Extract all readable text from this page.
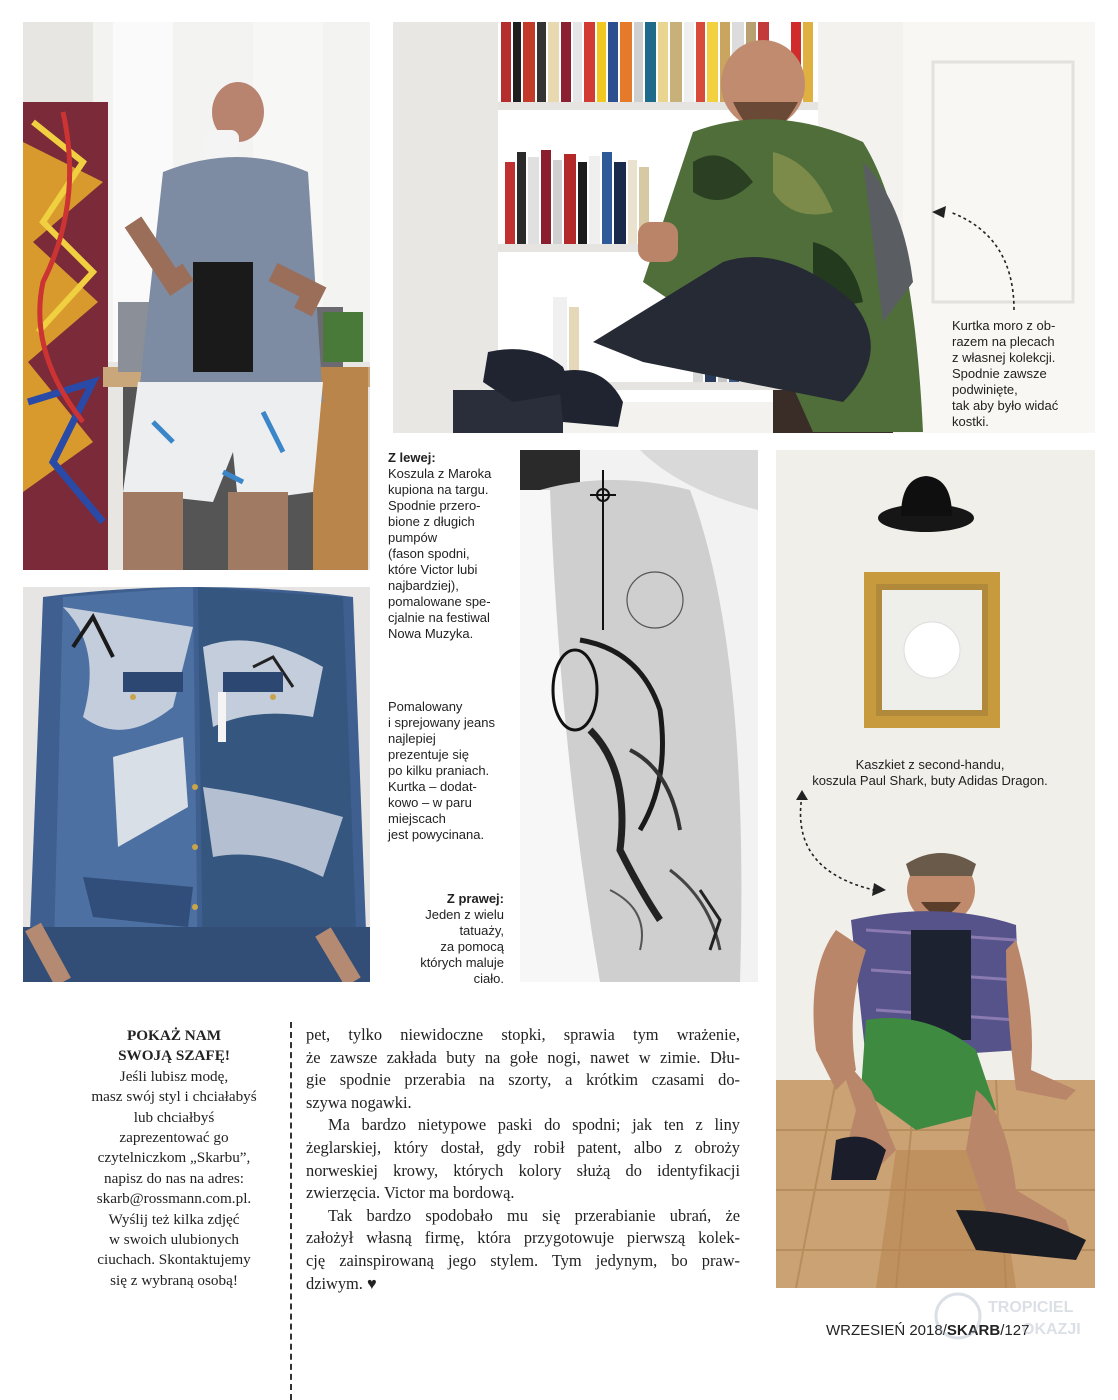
Kurtka moro z ob-
razem na plecach
z własnej kolekcji.
Spodnie zawsze
podwinięte,
tak aby było widać
kostki.
Z lewej:
Koszula z Maroka
kupiona na targu.
Spodnie przero-
bione z długich
pumpów
(fason spodni,
które Victor lubi
najbardziej),
pomalowane spe-
cjalnie na festiwal
Nowa Muzyka.
Pomalowany
i sprejowany jeans
najlepiej
prezentuje się
po kilku praniach.
Kurtka – dodat-
kowo – w paru
miejscach
jest powycinana.
Z prawej:
Jeden z wielu
tatuaży,
za pomocą
których maluje
ciało.
Kaszkiet z second-handu,
koszula Paul Shark, buty Adidas Dragon.
POKAŻ NAM
SWOJĄ SZAFĘ!
Jeśli lubisz modę,
masz swój styl i chciałabyś
lub chciałbyś
zaprezentować go
czytelniczkom „Skarbu”,
napisz do nas na adres:
skarb@rossmann.com.pl.
Wyślij też kilka zdjęć
w swoich ulubionych
ciuchach. Skontaktujemy
się z wybraną osobą!
pet, tylko niewidoczne stopki, sprawia tym wrażenie,
że zawsze zakłada buty na gołe nogi, nawet w zimie. Dłu-
gie spodnie przerabia na szorty, a krótkim czasami do-
szywa nogawki.
Ma bardzo nietypowe paski do spodni; jak ten z liny
żeglarskiej, który dostał, gdy robił patent, albo z obroży
norweskiej krowy, których kolory służą do identyfikacji
zwierzęcia. Victor ma bordową.
Tak bardzo spodobało mu się przerabianie ubrań, że
założył własną firmę, która przygotowuje pierwszą kolek-
cję zainspirowaną jego stylem. Tym jedynym, bo praw-
dziwym. ♥
WRZESIEŃ 2018/SKARB/127
TROPICIEL
OKAZJI
